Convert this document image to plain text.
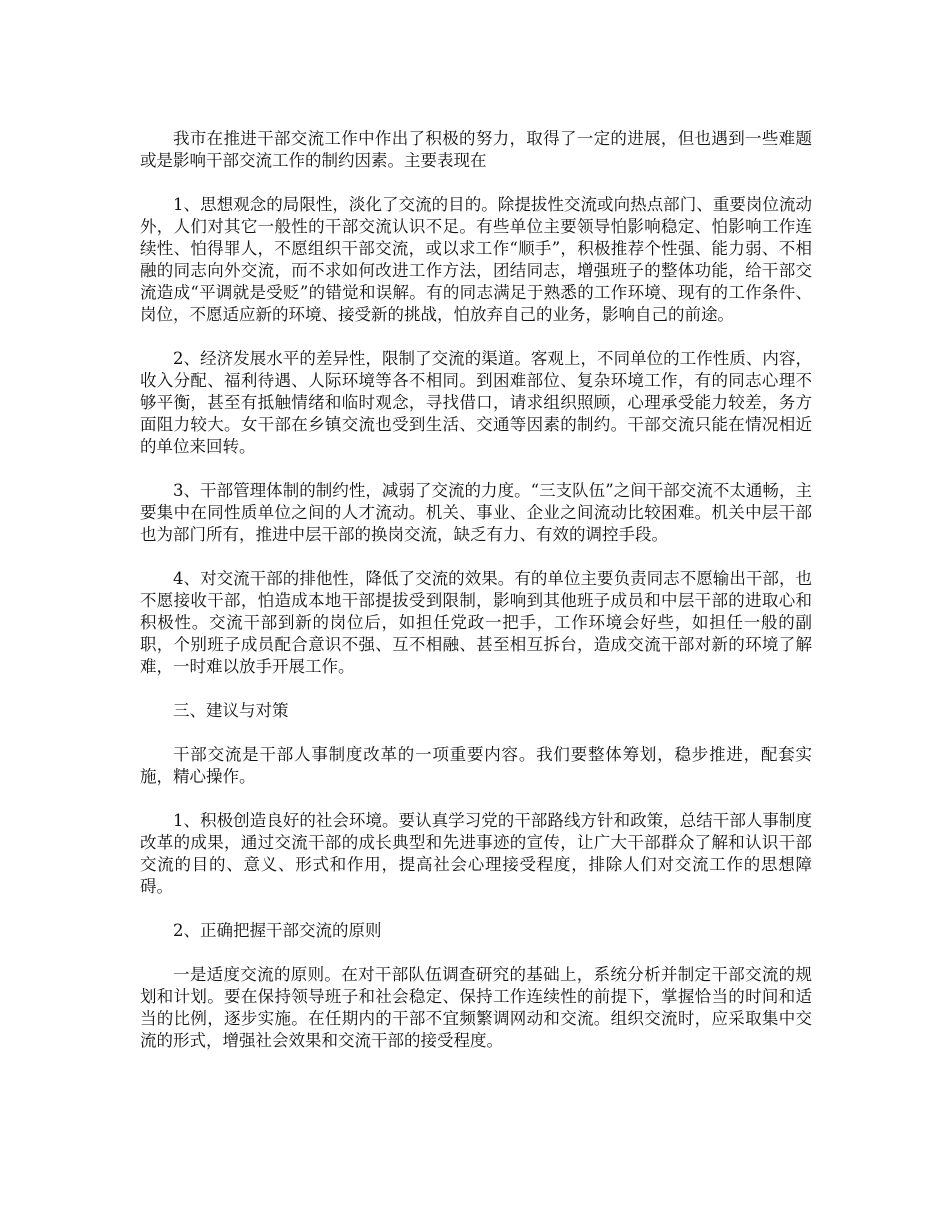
我市在推进干部交流工作中作出了积极的努力，取得了一定的进展，但也遇到一些难题或是影响干部交流工作的制约因素。主要表现在

1、思想观念的局限性，淡化了交流的目的。除提拔性交流或向热点部门、重要岗位流动外，人们对其它一般性的干部交流认识不足。有些单位主要领导怕影响稳定、怕影响工作连续性、怕得罪人，不愿组织干部交流，或以求工作“顺手”，积极推荐个性强、能力弱、不相融的同志向外交流，而不求如何改进工作方法，团结同志，增强班子的整体功能，给干部交流造成“平调就是受贬”的错觉和误解。有的同志满足于熟悉的工作环境、现有的工作条件、岗位，不愿适应新的环境、接受新的挑战，怕放弃自己的业务，影响自己的前途。

2、经济发展水平的差异性，限制了交流的渠道。客观上，不同单位的工作性质、内容，收入分配、福利待遇、人际环境等各不相同。到困难部位、复杂环境工作，有的同志心理不够平衡，甚至有抵触情绪和临时观念，寻找借口，请求组织照顾，心理承受能力较差，务方面阻力较大。女干部在乡镇交流也受到生活、交通等因素的制约。干部交流只能在情况相近的单位来回转。

3、干部管理体制的制约性，减弱了交流的力度。“三支队伍”之间干部交流不太通畅，主要集中在同性质单位之间的人才流动。机关、事业、企业之间流动比较困难。机关中层干部也为部门所有，推进中层干部的换岗交流，缺乏有力、有效的调控手段。

4、对交流干部的排他性，降低了交流的效果。有的单位主要负责同志不愿输出干部，也不愿接收干部，怕造成本地干部提拔受到限制，影响到其他班子成员和中层干部的进取心和积极性。交流干部到新的岗位后，如担任党政一把手，工作环境会好些，如担任一般的副职，个别班子成员配合意识不强、互不相融、甚至相互拆台，造成交流干部对新的环境了解难，一时难以放手开展工作。

三、建议与对策

干部交流是干部人事制度改革的一项重要内容。我们要整体筹划，稳步推进，配套实施，精心操作。

1、积极创造良好的社会环境。要认真学习党的干部路线方针和政策，总结干部人事制度改革的成果，通过交流干部的成长典型和先进事迹的宣传，让广大干部群众了解和认识干部交流的目的、意义、形式和作用，提高社会心理接受程度，排除人们对交流工作的思想障碍。

2、正确把握干部交流的原则

一是适度交流的原则。在对干部队伍调查研究的基础上，系统分析并制定干部交流的规划和计划。要在保持领导班子和社会稳定、保持工作连续性的前提下，掌握恰当的时间和适当的比例，逐步实施。在任期内的干部不宜频繁调网动和交流。组织交流时，应采取集中交流的形式，增强社会效果和交流干部的接受程度。
